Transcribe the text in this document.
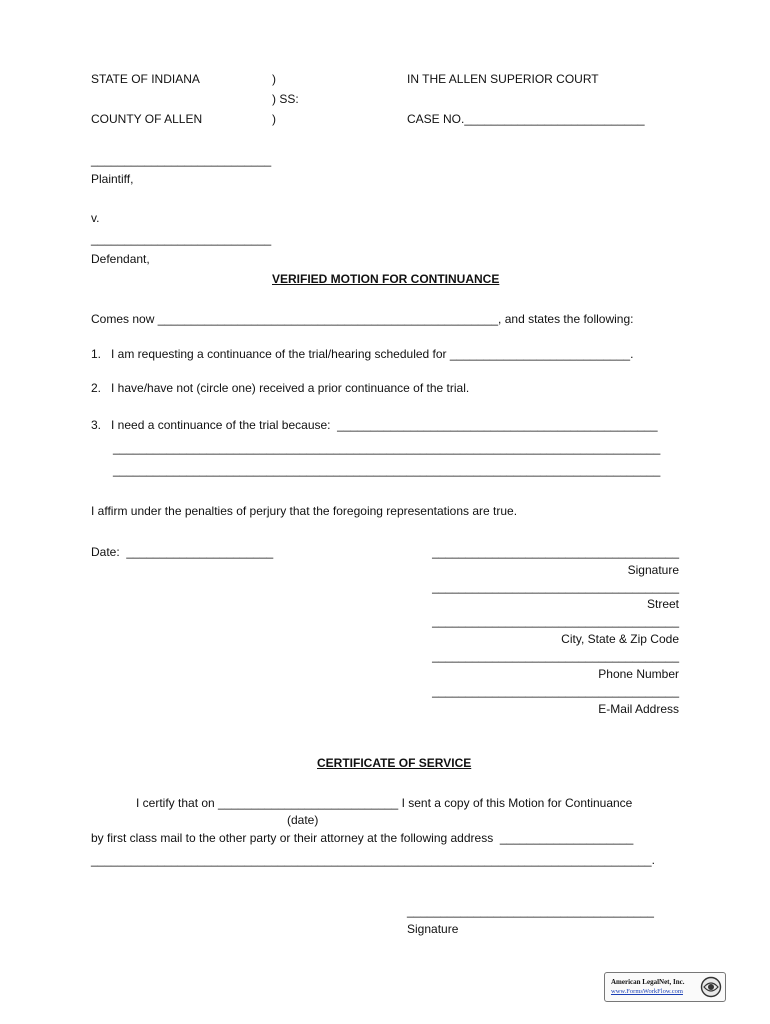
STATE OF INDIANA
COUNTY OF ALLEN
)
) SS:
)
IN THE ALLEN SUPERIOR COURT
CASE NO.___________________________
___________________________
Plaintiff,
v.
___________________________
Defendant,
VERIFIED MOTION FOR CONTINUANCE
Comes now ___________________________________________________, and states the following:
1.   I am requesting a continuance of the trial/hearing scheduled for ___________________________.
2.   I have/have not (circle one) received a prior continuance of the trial.
3.   I need a continuance of the trial because:  ________________________________________________
__________________________________________________________________________________
__________________________________________________________________________________
I affirm under the penalties of perjury that the foregoing representations are true.
Date:  ______________________	_____________________________________
Signature
_____________________________________
Street
_____________________________________
City, State & Zip Code
_____________________________________
Phone Number
_____________________________________
E-Mail Address
CERTIFICATE OF SERVICE
I certify that on ___________________________ I sent a copy of this Motion for Continuance
(date)
by first class mail to the other party or their attorney at the following address  ____________________
____________________________________________________________________________________.
_____________________________________
Signature
American LegalNet, Inc.
www.FormsWorkFlow.com
